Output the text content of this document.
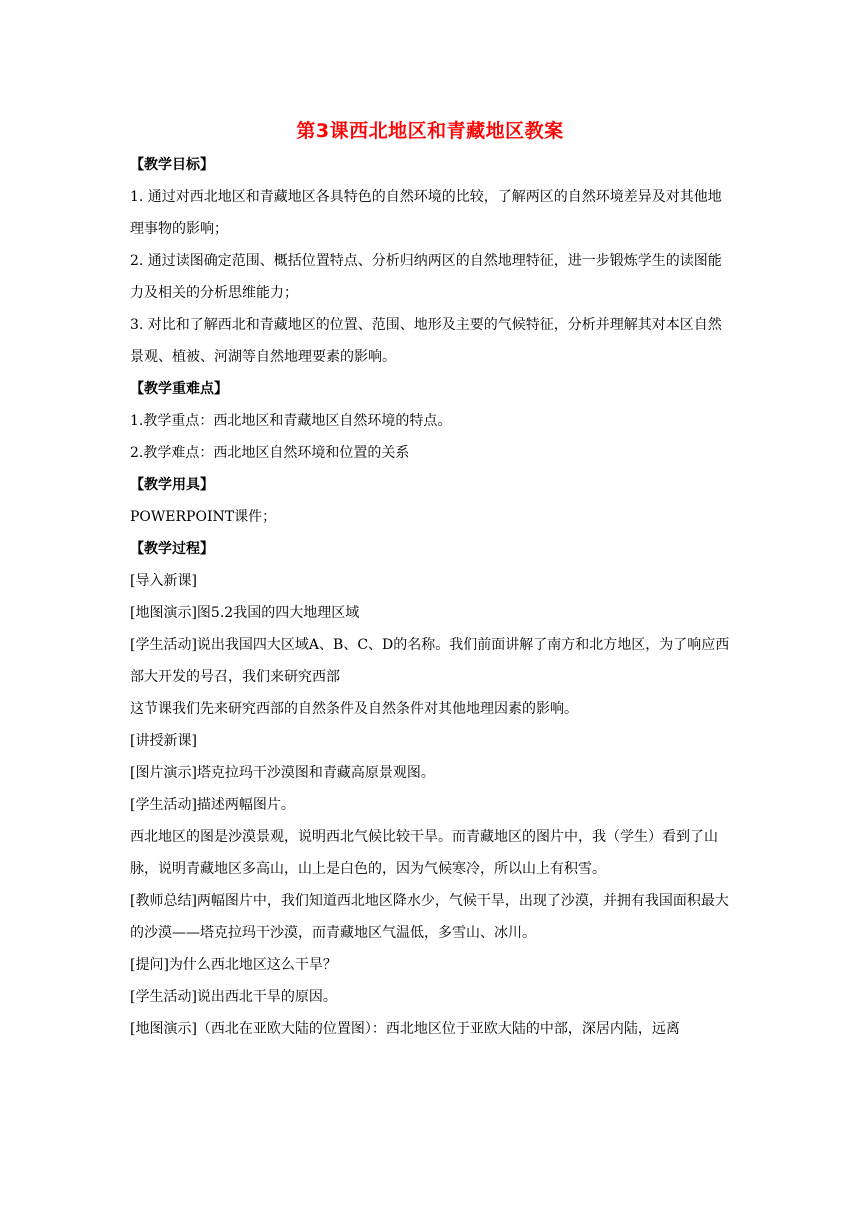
第3课西北地区和青藏地区教案

【教学目标】

1. 通过对西北地区和青藏地区各具特色的自然环境的比较，了解两区的自然环境差异及对其他地理事物的影响；

2. 通过读图确定范围、概括位置特点、分析归纳两区的自然地理特征，进一步锻炼学生的读图能力及相关的分析思维能力；

3. 对比和了解西北和青藏地区的位置、范围、地形及主要的气候特征，分析并理解其对本区自然景观、植被、河湖等自然地理要素的影响。

【教学重难点】

1.教学重点：西北地区和青藏地区自然环境的特点。

2.教学难点：西北地区自然环境和位置的关系

【教学用具】

POWERPOINT课件；

【教学过程】

[导入新课]

[地图演示]图5.2我国的四大地理区域

[学生活动]说出我国四大区域A、B、C、D的名称。我们前面讲解了南方和北方地区，为了响应西部大开发的号召，我们来研究西部

这节课我们先来研究西部的自然条件及自然条件对其他地理因素的影响。

[讲授新课]

[图片演示]塔克拉玛干沙漠图和青藏高原景观图。

[学生活动]描述两幅图片。

西北地区的图是沙漠景观，说明西北气候比较干旱。而青藏地区的图片中，我（学生）看到了山脉，说明青藏地区多高山，山上是白色的，因为气候寒冷，所以山上有积雪。

[教师总结]两幅图片中，我们知道西北地区降水少，气候干旱，出现了沙漠，并拥有我国面积最大的沙漠——塔克拉玛干沙漠，而青藏地区气温低，多雪山、冰川。

[提问]为什么西北地区这么干旱？

[学生活动]说出西北干旱的原因。

[地图演示]（西北在亚欧大陆的位置图）：西北地区位于亚欧大陆的中部，深居内陆，远离
